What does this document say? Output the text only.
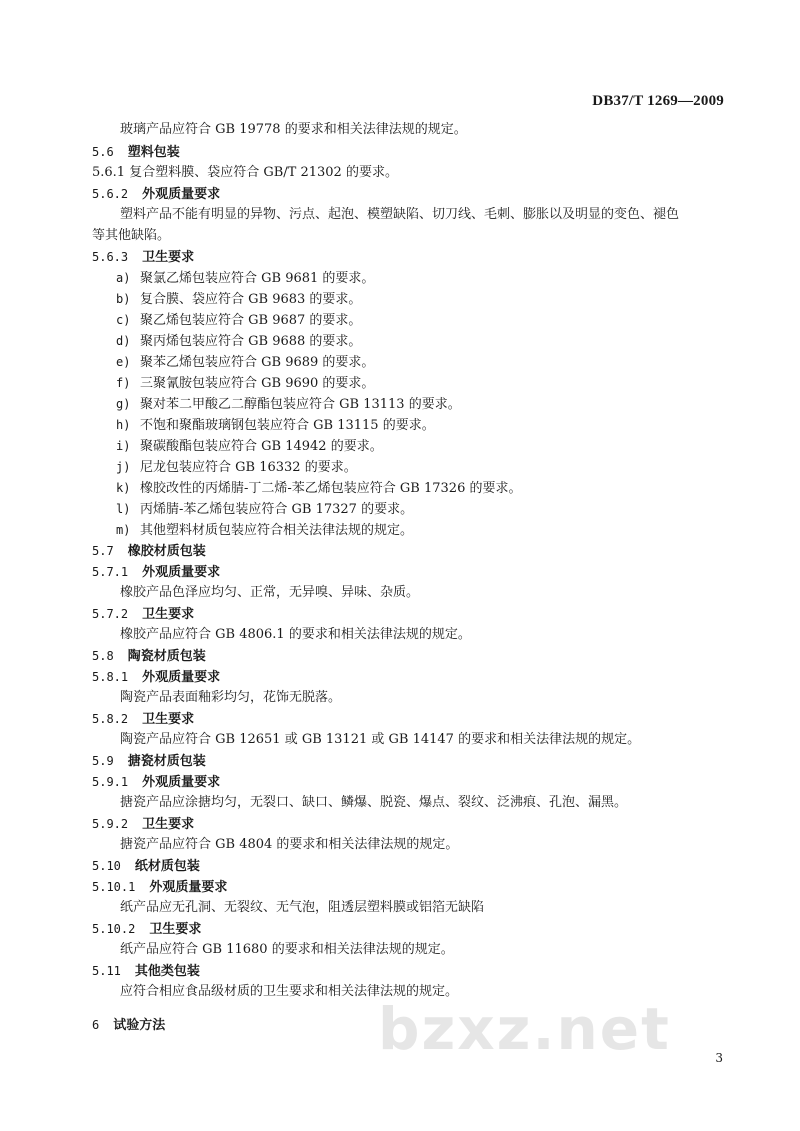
DB37/T 1269—2009
玻璃产品应符合 GB 19778 的要求和相关法律法规的规定。
5.6 塑料包装
5.6.1 复合塑料膜、袋应符合 GB/T 21302 的要求。
5.6.2 外观质量要求
塑料产品不能有明显的异物、污点、起泡、模塑缺陷、切刀线、毛刺、膨胀以及明显的变色、褪色
等其他缺陷。
5.6.3 卫生要求
a) 聚氯乙烯包装应符合 GB 9681 的要求。
b) 复合膜、袋应符合 GB 9683 的要求。
c) 聚乙烯包装应符合 GB 9687 的要求。
d) 聚丙烯包装应符合 GB 9688 的要求。
e) 聚苯乙烯包装应符合 GB 9689 的要求。
f) 三聚氰胺包装应符合 GB 9690 的要求。
g) 聚对苯二甲酸乙二醇酯包装应符合 GB 13113 的要求。
h) 不饱和聚酯玻璃钢包装应符合 GB 13115 的要求。
i) 聚碳酸酯包装应符合 GB 14942 的要求。
j) 尼龙包装应符合 GB 16332 的要求。
k) 橡胶改性的丙烯腈-丁二烯-苯乙烯包装应符合 GB 17326 的要求。
l) 丙烯腈-苯乙烯包装应符合 GB 17327 的要求。
m) 其他塑料材质包装应符合相关法律法规的规定。
5.7 橡胶材质包装
5.7.1 外观质量要求
橡胶产品色泽应均匀、正常，无异嗅、异味、杂质。
5.7.2 卫生要求
橡胶产品应符合 GB 4806.1 的要求和相关法律法规的规定。
5.8 陶瓷材质包装
5.8.1 外观质量要求
陶瓷产品表面釉彩均匀，花饰无脱落。
5.8.2 卫生要求
陶瓷产品应符合 GB 12651 或 GB 13121 或 GB 14147 的要求和相关法律法规的规定。
5.9 搪瓷材质包装
5.9.1 外观质量要求
搪瓷产品应涂搪均匀，无裂口、缺口、鳞爆、脱瓷、爆点、裂纹、泛沸痕、孔泡、漏黑。
5.9.2 卫生要求
搪瓷产品应符合 GB 4804 的要求和相关法律法规的规定。
5.10 纸材质包装
5.10.1 外观质量要求
纸产品应无孔洞、无裂纹、无气泡，阻透层塑料膜或铝箔无缺陷
5.10.2 卫生要求
纸产品应符合 GB 11680 的要求和相关法律法规的规定。
5.11 其他类包装
应符合相应食品级材质的卫生要求和相关法律法规的规定。
6 试验方法	bzxz.net	3
